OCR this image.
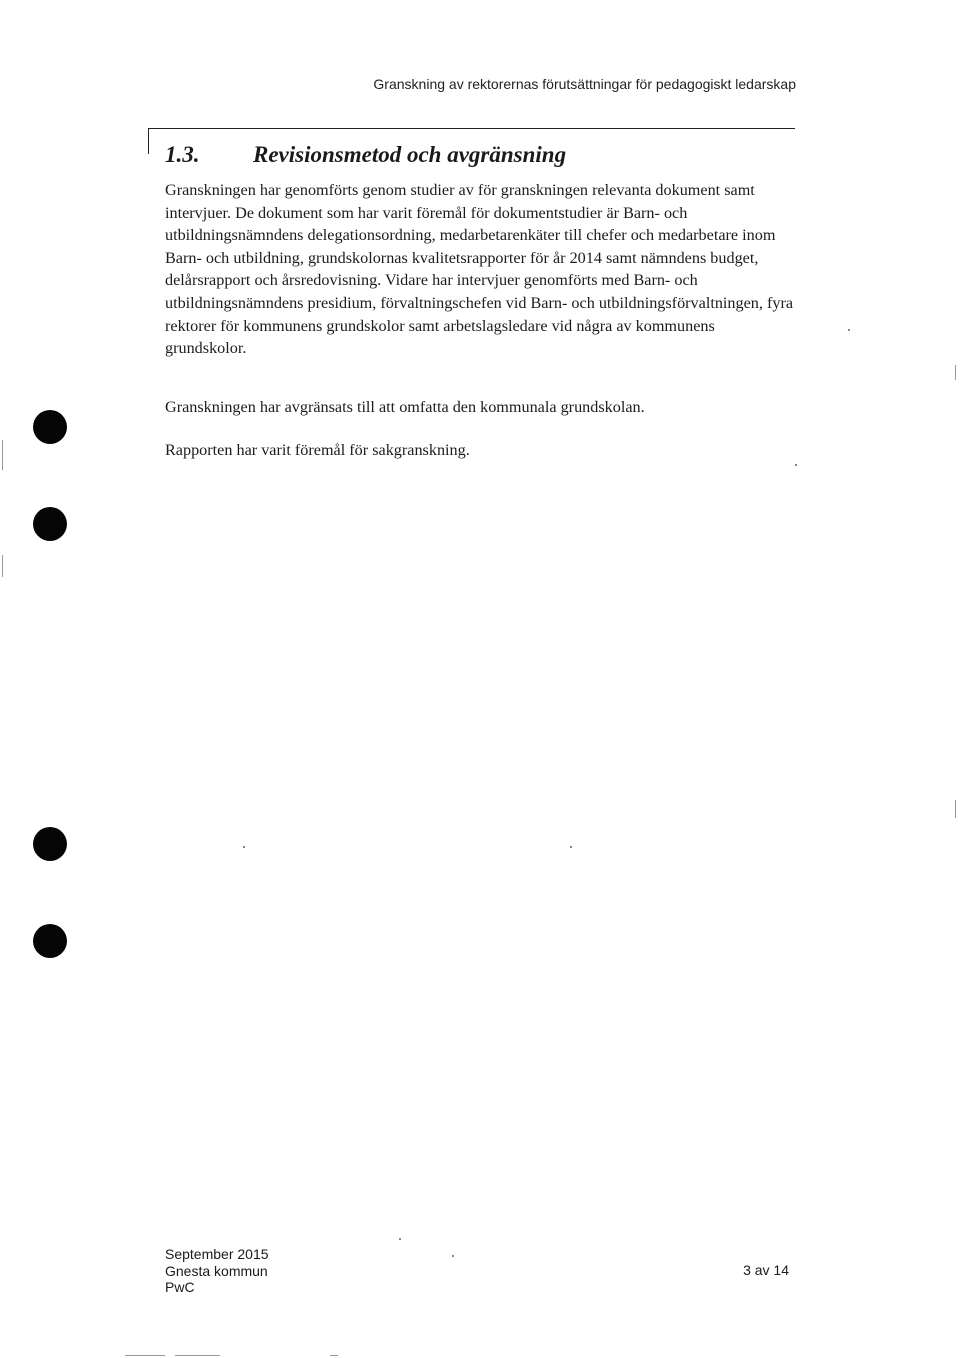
Granskning av rektorernas förutsättningar för pedagogiskt ledarskap
1.3. Revisionsmetod och avgränsning

Granskningen har genomförts genom studier av för granskningen relevanta dokument samt intervjuer. De dokument som har varit föremål för dokumentstudier är Barn- och utbildningsnämndens delegationsordning, medarbetarenkäter till chefer och medarbetare inom Barn- och utbildning, grundskolornas kvalitetsrapporter för år 2014 samt nämndens budget, delårsrapport och årsredovisning. Vidare har intervjuer genomförts med Barn- och utbildningsnämndens presidium, förvaltningschefen vid Barn- och utbildningsförvaltningen, fyra rektorer för kommunens grundskolor samt arbetslagsledare vid några av kommunens grundskolor.

Granskningen har avgränsats till att omfatta den kommunala grundskolan.

Rapporten har varit föremål för sakgranskning.

September 2015
Gnesta kommun
PwC
3 av 14
